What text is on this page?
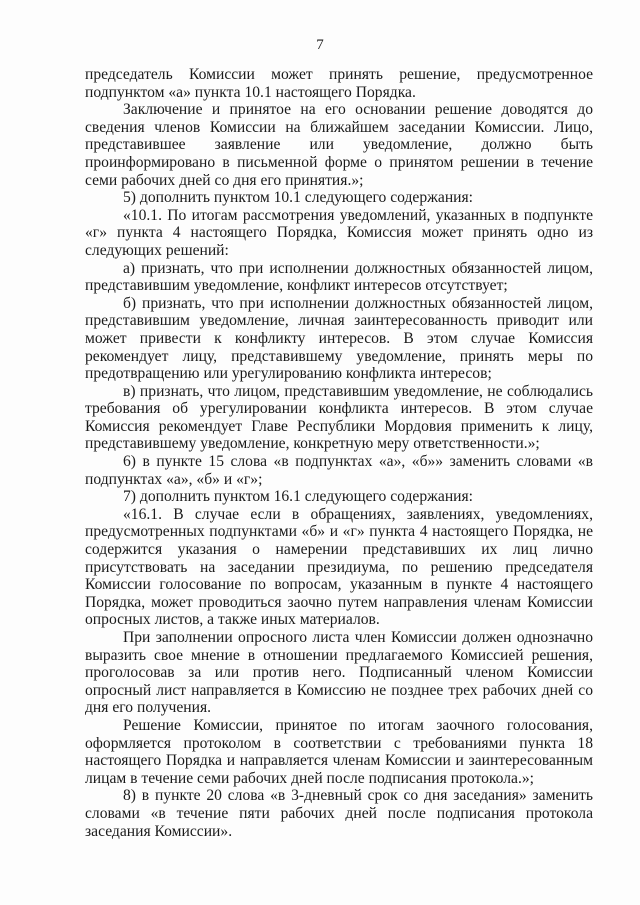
7

председатель Комиссии может принять решение, предусмотренное подпунктом «а» пункта 10.1 настоящего Порядка.

Заключение и принятое на его основании решение доводятся до сведения членов Комиссии на ближайшем заседании Комиссии. Лицо, представившее заявление или уведомление, должно быть проинформировано в письменной форме о принятом решении в течение семи рабочих дней со дня его принятия.»;

5) дополнить пунктом 10.1 следующего содержания:

«10.1. По итогам рассмотрения уведомлений, указанных в подпункте «г» пункта 4 настоящего Порядка, Комиссия может принять одно из следующих решений:

а) признать, что при исполнении должностных обязанностей лицом, представившим уведомление, конфликт интересов отсутствует;

б) признать, что при исполнении должностных обязанностей лицом, представившим уведомление, личная заинтересованность приводит или может привести к конфликту интересов. В этом случае Комиссия рекомендует лицу, представившему уведомление, принять меры по предотвращению или урегулированию конфликта интересов;

в) признать, что лицом, представившим уведомление, не соблюдались требования об урегулировании конфликта интересов. В этом случае Комиссия рекомендует Главе Республики Мордовия применить к лицу, представившему уведомление, конкретную меру ответственности.»;

6) в пункте 15 слова «в подпунктах «а», «б»» заменить словами «в подпунктах «а», «б» и «г»;

7) дополнить пунктом 16.1 следующего содержания:

«16.1. В случае если в обращениях, заявлениях, уведомлениях, предусмотренных подпунктами «б» и «г» пункта 4 настоящего Порядка, не содержится указания о намерении представивших их лиц лично присутствовать на заседании президиума, по решению председателя Комиссии голосование по вопросам, указанным в пункте 4 настоящего Порядка, может проводиться заочно путем направления членам Комиссии опросных листов, а также иных материалов.

При заполнении опросного листа член Комиссии должен однозначно выразить свое мнение в отношении предлагаемого Комиссией решения, проголосовав за или против него. Подписанный членом Комиссии опросный лист направляется в Комиссию не позднее трех рабочих дней со дня его получения.

Решение Комиссии, принятое по итогам заочного голосования, оформляется протоколом в соответствии с требованиями пункта 18 настоящего Порядка и направляется членам Комиссии и заинтересованным лицам в течение семи рабочих дней после подписания протокола.»;

8) в пункте 20 слова «в 3-дневный срок со дня заседания» заменить словами «в течение пяти рабочих дней после подписания протокола заседания Комиссии».
